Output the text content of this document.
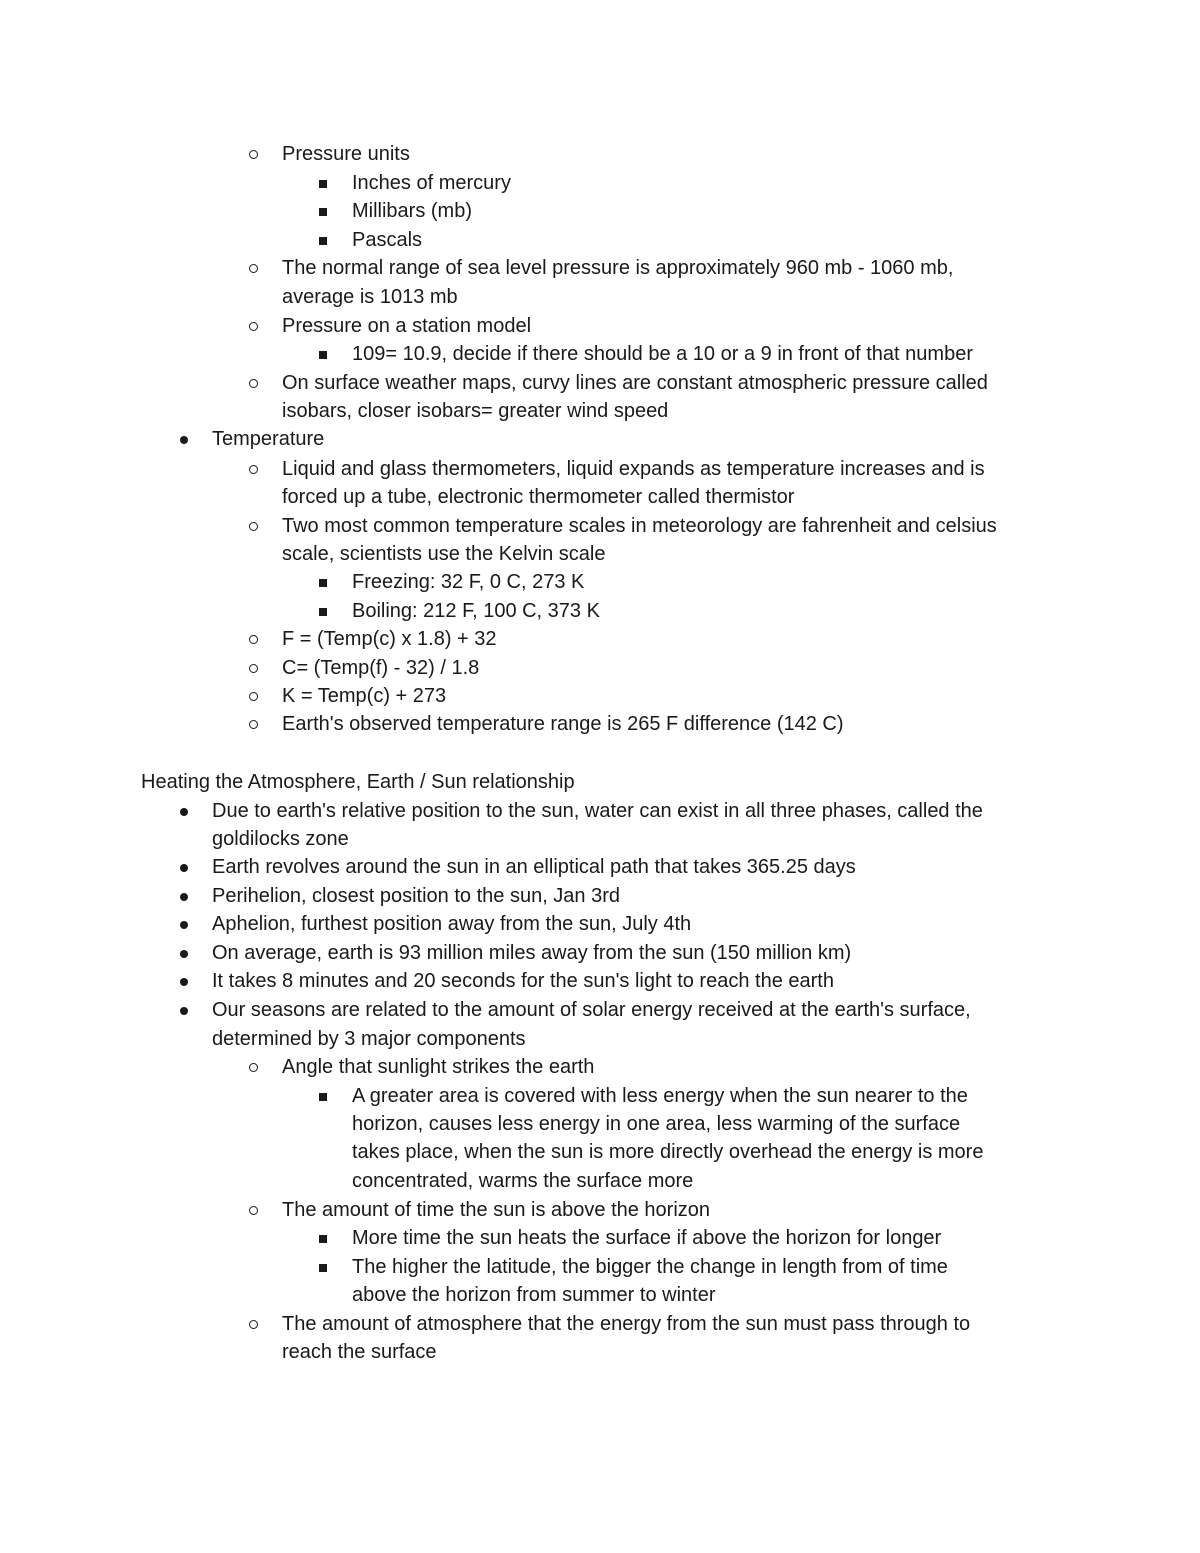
Pressure units
Inches of mercury
Millibars (mb)
Pascals
The normal range of sea level pressure is approximately 960 mb - 1060 mb,
average is 1013 mb
Pressure on a station model
109= 10.9, decide if there should be a 10 or a 9 in front of that number
On surface weather maps, curvy lines are constant atmospheric pressure called
isobars, closer isobars= greater wind speed
Temperature
Liquid and glass thermometers, liquid expands as temperature increases and is
forced up a tube, electronic thermometer called thermistor
Two most common temperature scales in meteorology are fahrenheit and celsius
scale, scientists use the Kelvin scale
Freezing: 32 F, 0 C, 273 K
Boiling: 212 F, 100 C, 373 K
F = (Temp(c) x 1.8) + 32
C= (Temp(f) - 32) / 1.8
K = Temp(c) + 273
Earth's observed temperature range is 265 F difference (142 C)
Heating the Atmosphere, Earth / Sun relationship
Due to earth's relative position to the sun, water can exist in all three phases, called the
goldilocks zone
Earth revolves around the sun in an elliptical path that takes 365.25 days
Perihelion, closest position to the sun, Jan 3rd
Aphelion, furthest position away from the sun, July 4th
On average, earth is 93 million miles away from the sun (150 million km)
It takes 8 minutes and 20 seconds for the sun's light to reach the earth
Our seasons are related to the amount of solar energy received at the earth's surface,
determined by 3 major components
Angle that sunlight strikes the earth
A greater area is covered with less energy when the sun nearer to the
horizon, causes less energy in one area, less warming of the surface
takes place, when the sun is more directly overhead the energy is more
concentrated, warms the surface more
The amount of time the sun is above the horizon
More time the sun heats the surface if above the horizon for longer
The higher the latitude, the bigger the change in length from of time
above the horizon from summer to winter
The amount of atmosphere that the energy from the sun must pass through to
reach the surface
